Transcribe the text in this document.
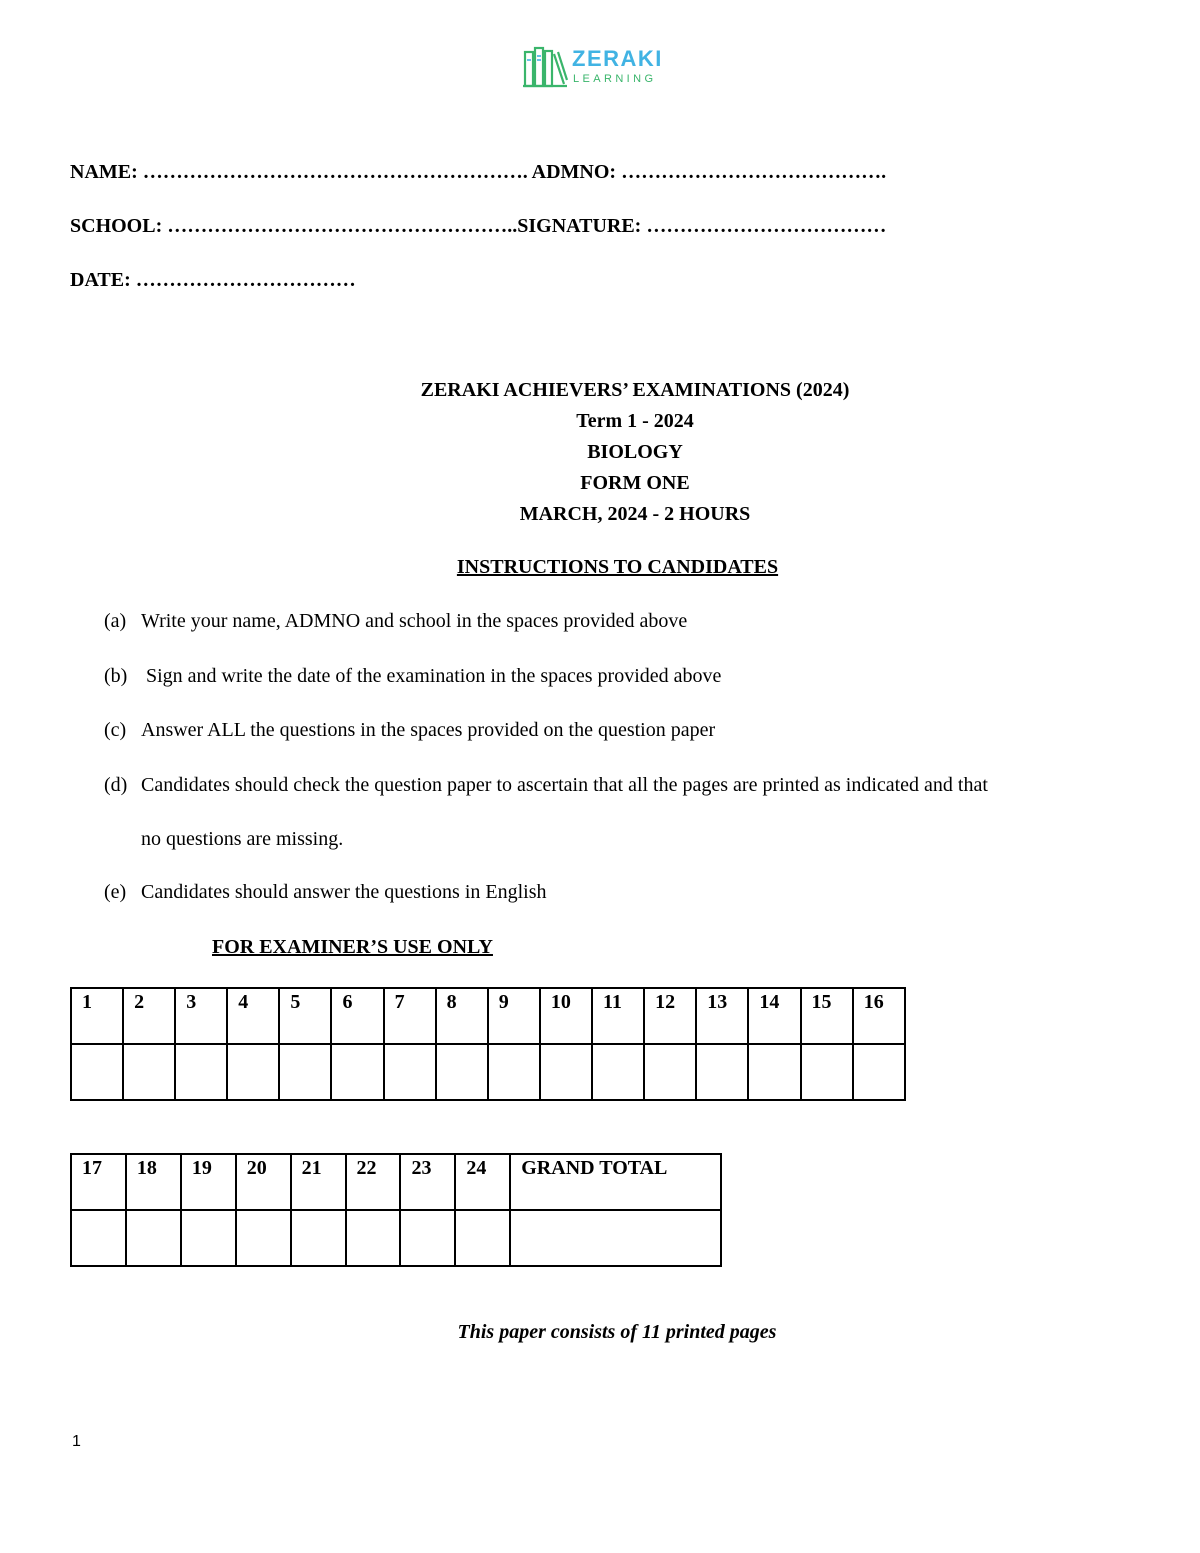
ZERAKI
LEARNING
NAME: …………………………………………………. ADMNO: ………………………………….
SCHOOL: ……………………………………………..SIGNATURE: ………………………………
DATE: ……………………………
ZERAKI ACHIEVERS’ EXAMINATIONS (2024)
Term 1 - 2024
BIOLOGY
FORM ONE
MARCH, 2024 - 2 HOURS
INSTRUCTIONS TO CANDIDATES
(a) Write your name, ADMNO and school in the spaces provided above
(b) Sign and write the date of the examination in the spaces provided above
(c) Answer ALL the questions in the spaces provided on the question paper
(d) Candidates should check the question paper to ascertain that all the pages are printed as indicated and that
no questions are missing.
(e) Candidates should answer the questions in English
FOR EXAMINER’S USE ONLY
1	2	3	4	5	6	7	8	9	10	11	12	13	14	15	16

17	18	19	20	21	22	23	24	GRAND TOTAL

This paper consists of 11 printed pages
1
